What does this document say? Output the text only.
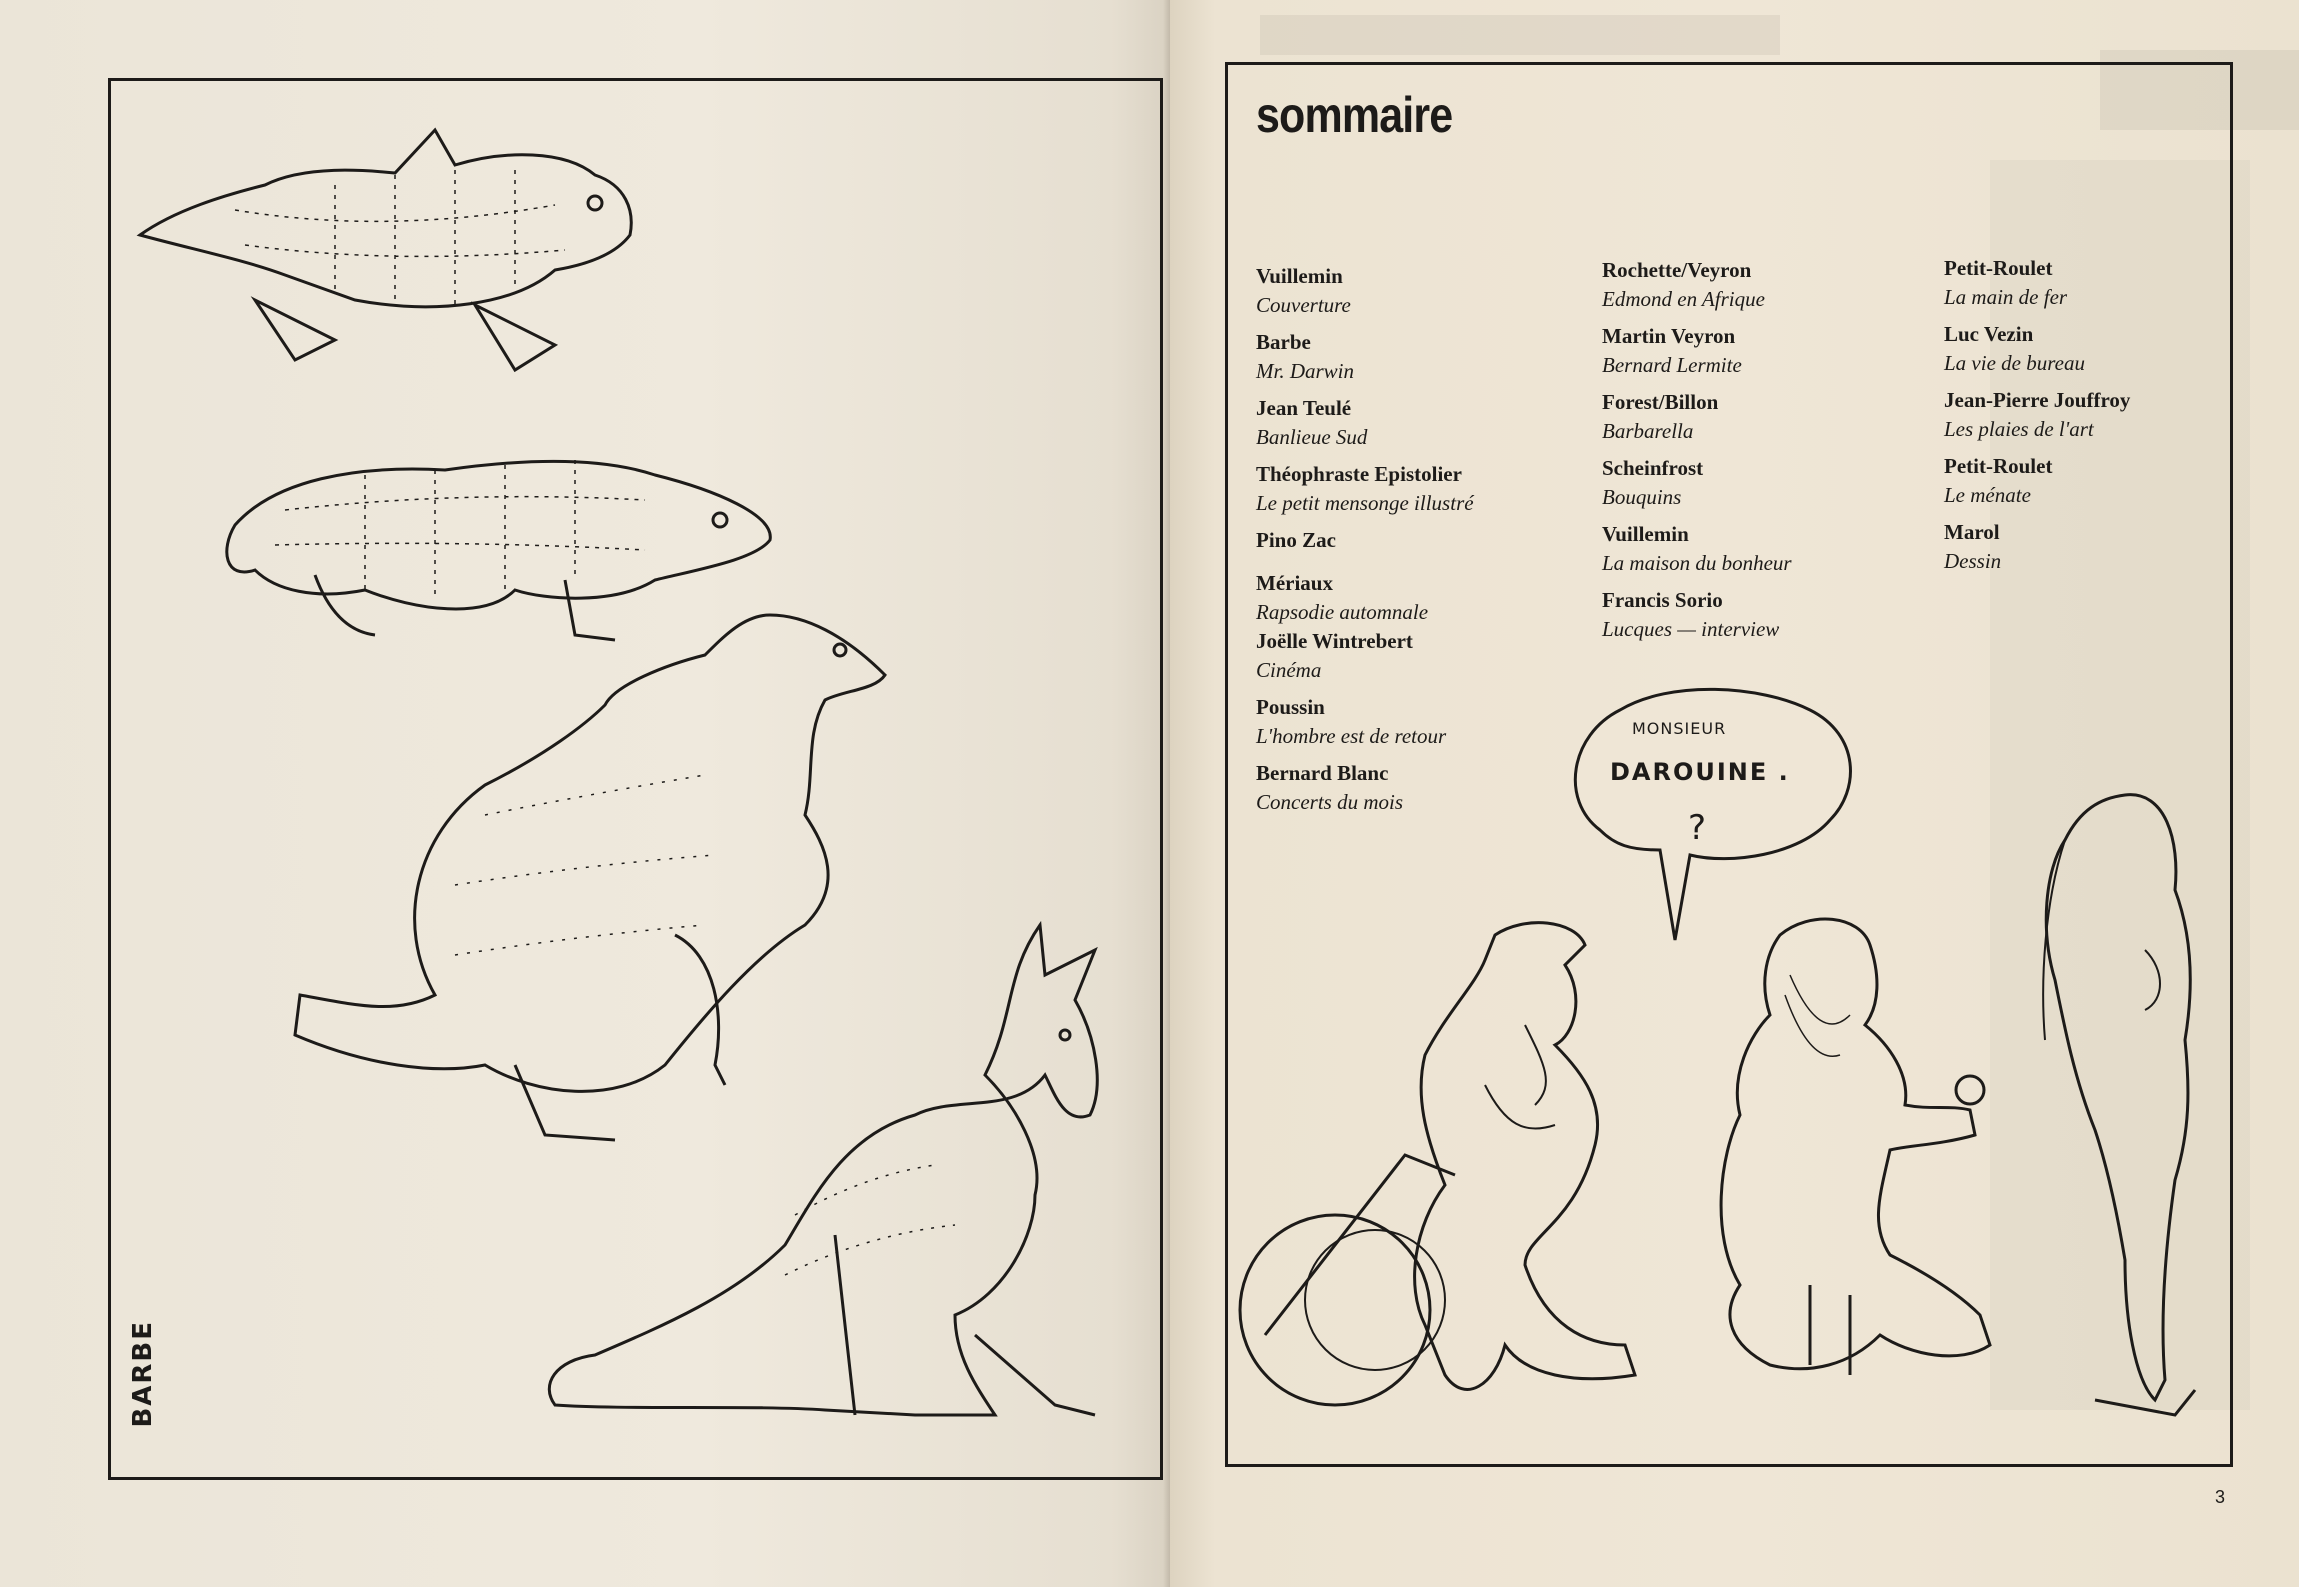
BARBE
sommaire
Vuillemin
Couverture
Barbe
Mr. Darwin
Jean Teulé
Banlieue Sud
Théophraste Epistolier
Le petit mensonge illustré
Pino Zac
Mériaux
Rapsodie automnale
Joëlle Wintrebert
Cinéma
Poussin
L'hombre est de retour
Bernard Blanc
Concerts du mois
Rochette/Veyron
Edmond en Afrique
Martin Veyron
Bernard Lermite
Forest/Billon
Barbarella
Scheinfrost
Bouquins
Vuillemin
La maison du bonheur
Francis Sorio
Lucques — interview
Petit-Roulet
La main de fer
Luc Vezin
La vie de bureau
Jean-Pierre Jouffroy
Les plaies de l'art
Petit-Roulet
Le ménate
Marol
Dessin
MONSIEUR
DAROUINE .
?
3
